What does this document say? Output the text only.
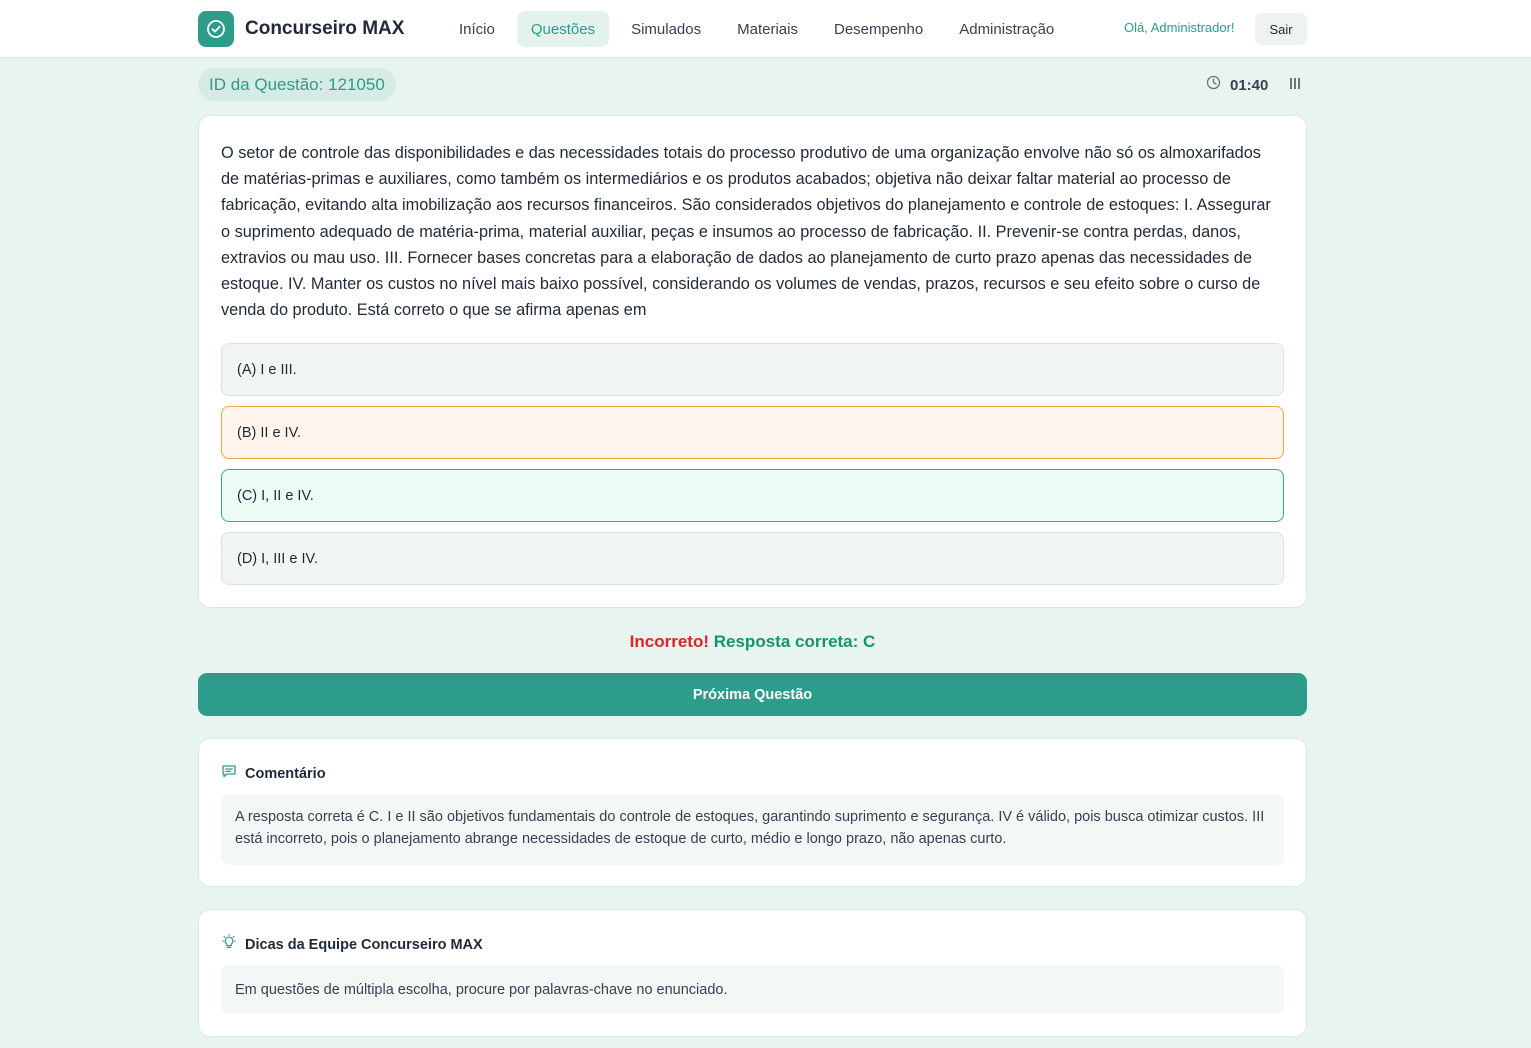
Concurseiro MAX	Início	Questões	Simulados	Materiais	Desempenho	Administração	Olá, Administrador!	Sair
ID da Questão: 121050	01:40

O setor de controle das disponibilidades e das necessidades totais do processo produtivo de uma organização envolve não só os almoxarifados de matérias-primas e auxiliares, como também os intermediários e os produtos acabados; objetiva não deixar faltar material ao processo de fabricação, evitando alta imobilização aos recursos financeiros. São considerados objetivos do planejamento e controle de estoques: I. Assegurar o suprimento adequado de matéria-prima, material auxiliar, peças e insumos ao processo de fabricação. II. Prevenir-se contra perdas, danos, extravios ou mau uso. III. Fornecer bases concretas para a elaboração de dados ao planejamento de curto prazo apenas das necessidades de estoque. IV. Manter os custos no nível mais baixo possível, considerando os volumes de vendas, prazos, recursos e seu efeito sobre o curso de venda do produto. Está correto o que se afirma apenas em

(A) I e III.
(B) II e IV.
(C) I, II e IV.
(D) I, III e IV.
Incorreto! Resposta correta: C
Próxima Questão
Comentário
A resposta correta é C. I e II são objetivos fundamentais do controle de estoques, garantindo suprimento e segurança. IV é válido, pois busca otimizar custos. III está incorreto, pois o planejamento abrange necessidades de estoque de curto, médio e longo prazo, não apenas curto.
Dicas da Equipe Concurseiro MAX
Em questões de múltipla escolha, procure por palavras-chave no enunciado.
